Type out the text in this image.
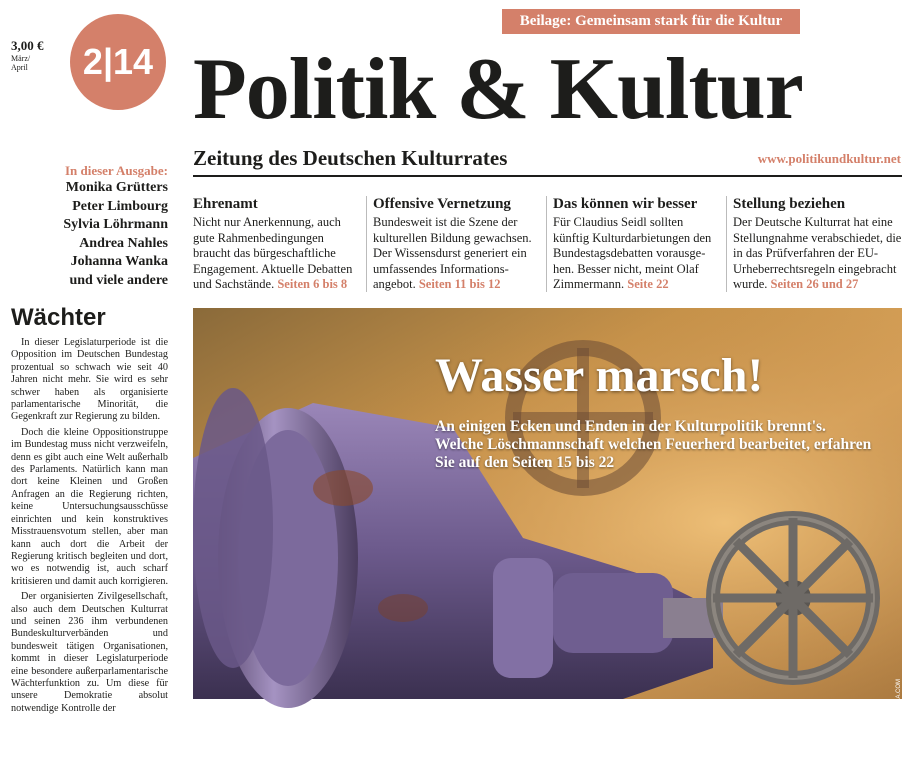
Beilage: Gemeinsam stark für die Kultur
3,00 €
März/
April	2|14 Politik & Kultur
Zeitung des Deutschen Kulturrates	www.politikundkultur.net
In dieser Ausgabe:
Monika Grütters
Peter Limbourg
Sylvia Löhrmann
Andrea Nahles
Johanna Wanka
und viele andere
Ehrenamt

Nicht nur Anerkennung, auch gute Rahmenbedingungen braucht das bürgeschaftliche Engagement. Aktuelle Debatten und Sachstände. Seiten 6 bis 8

Offensive Vernetzung

Bundesweit ist die Szene der kulturellen Bildung gewachsen. Der Wissensdurst generiert ein umfassendes Informationsangebot. Seiten 11 bis 12

Das können wir besser

Für Claudius Seidl sollten künftig Kulturdarbietungen den Bundestagsdebatten vorausgehen. Besser nicht, meint Olaf Zimmermann. Seite 22

Stellung beziehen

Der Deutsche Kulturrat hat eine Stellungnahme verabschiedet, die in das Prüfverfahren der EU-Urheberrechtsregeln eingebracht wurde. Seiten 26 und 27

Wächter

In dieser Legislaturperiode ist die Opposition im Deutschen Bundestag prozentual so schwach wie seit 40 Jahren nicht mehr. Sie wird es sehr schwer haben als organisierte parlamentarische Minorität, die Gegenkraft zur Regierung zu bilden.

Doch die kleine Oppositionstruppe im Bundestag muss nicht verzweifeln, denn es gibt auch eine Welt außerhalb des Parlaments. Natürlich kann man dort keine Kleinen und Großen Anfragen an die Regierung richten, keine Untersuchungsausschüsse einrichten und kein konstruktives Misstrauensvotum stellen, aber man kann auch dort die Arbeit der Regierung kritisch begleiten und dort, wo es notwendig ist, auch scharf kritisieren und damit auch korrigieren.

Der organisierten Zivilgesellschaft, also auch dem Deutschen Kulturrat und seinen 236 ihm verbundenen Bundeskulturverbänden und bundesweit tätigen Organisationen, kommt in dieser Legislaturperiode eine besondere außerparlamentarische Wächterfunktion zu. Um diese für unsere Demokratie absolut notwendige Kontrolle der

Wasser marsch!
An einigen Ecken und Enden in der Kulturpolitik brennt's. Welche Löschmannschaft welchen Feuerherd bearbeitet, erfahren Sie auf den Seiten 15 bis 22
FOTO: CLAFFRA / FOTOLIA.COM
